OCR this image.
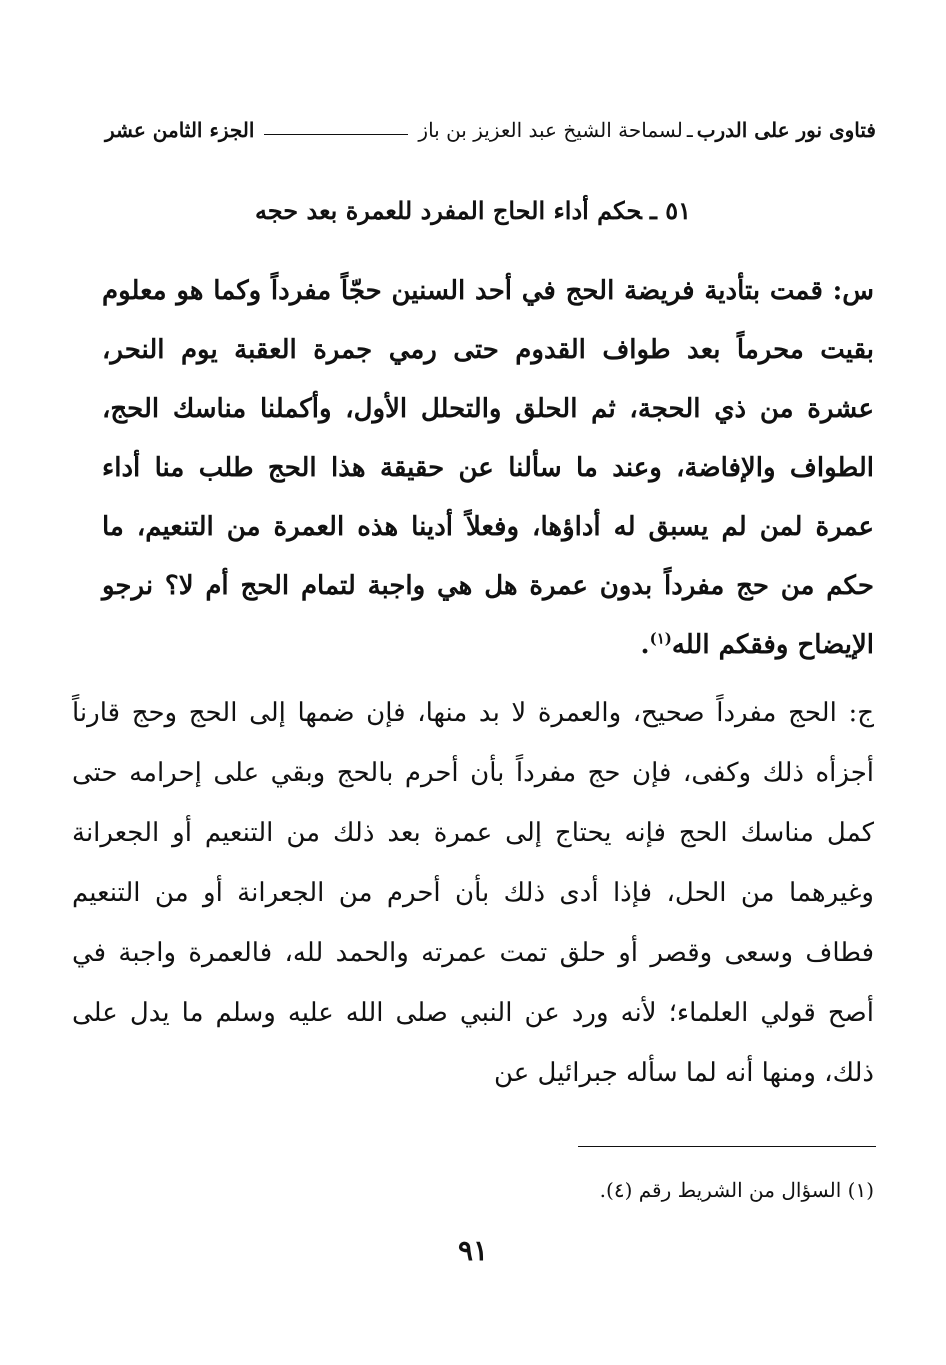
فتاوى نور على الدرب
ـ
لسماحة الشيخ عبد العزيز بن باز
الجزء الثامن عشر
٥١ ـحكم أداء الحاج المفرد للعمرة بعد حجه
س: قمت بتأدية فريضة الحج في أحد السنين حجّاً مفرداً وكما هو معلوم بقيت محرماً بعد طواف القدوم حتى رمي جمرة العقبة يوم النحر، عشرة من ذي الحجة، ثم الحلق والتحلل الأول، وأكملنا مناسك الحج، الطواف والإفاضة، وعند ما سألنا عن حقيقة هذا الحج طلب منا أداء عمرة لمن لم يسبق له أداؤها، وفعلاً أدينا هذه العمرة من التنعيم، ما حكم من حج مفرداً بدون عمرة هل هي واجبة لتمام الحج أم لا؟ نرجو الإيضاح وفقكم الله$^{(١)}$.
ج: الحج مفرداً صحيح، والعمرة لا بد منها، فإن ضمها إلى الحج وحج قارناً أجزأه ذلك وكفى، فإن حج مفرداً بأن أحرم بالحج وبقي على إحرامه حتى كمل مناسك الحج فإنه يحتاج إلى عمرة بعد ذلك من التنعيم أو الجعرانة وغيرهما من الحل، فإذا أدى ذلك بأن أحرم من الجعرانة أو من التنعيم فطاف وسعى وقصر أو حلق تمت عمرته والحمد لله، فالعمرة واجبة في أصح قولي العلماء؛ لأنه ورد عن النبي صلى الله عليه وسلم ما يدل على ذلك، ومنها أنه لما سأله جبرائيل عن
(١) السؤال من الشريط رقم (٤).
٩١
